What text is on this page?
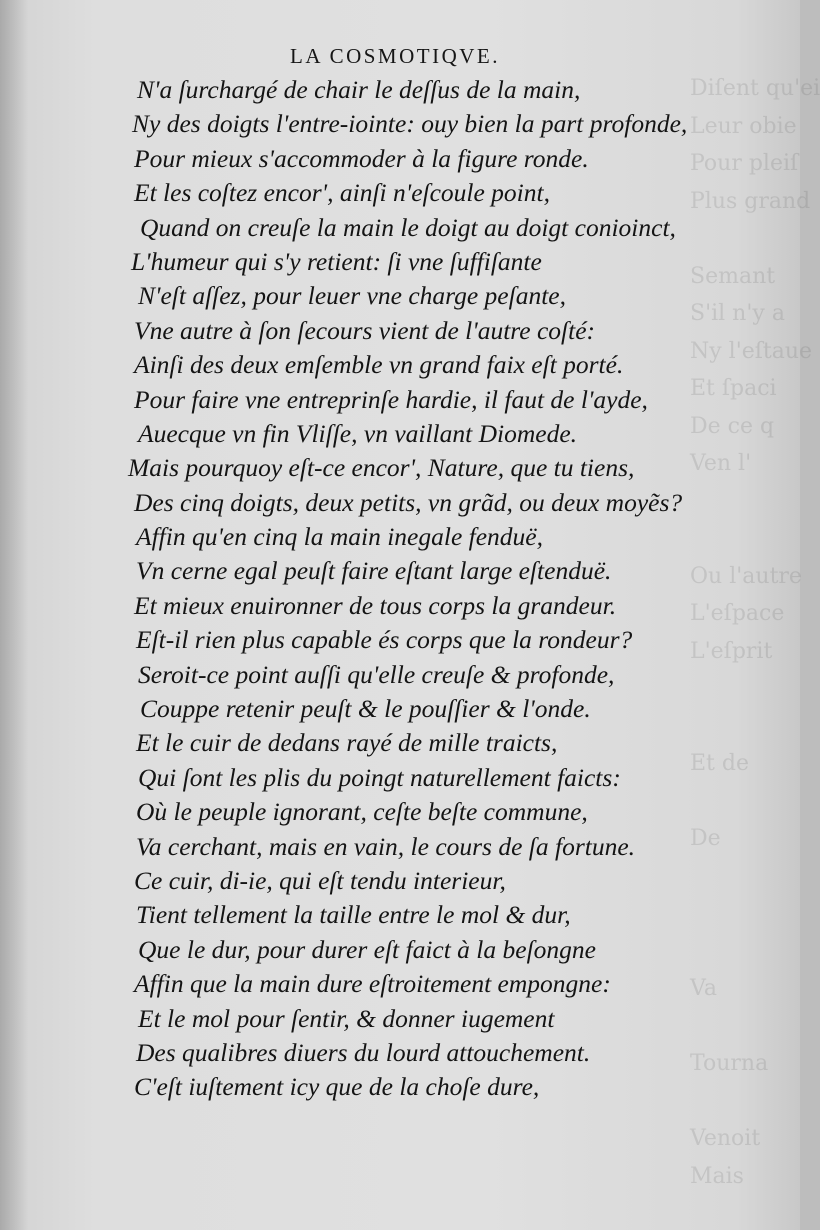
Diſent qu'ei
Leur obie
Pour pleiſ
Plus grand

Semant
S'il n'y a
Ny l'eſtaue
Et ſpaci
De ce q
Ven l'

Ou l'autre
L'eſpace
L'eſprit

Et de

De

Va

Tourna

Venoit
Mais
LA COSMOTIQVE.
N'a ſurchargé de chair le deſſus de la main,
Ny des doigts l'entre-iointe: ouy bien la part profonde,
Pour mieux s'accommoder à la figure ronde.
Et les coſtez encor', ainſi n'eſcoule point,
Quand on creuſe la main le doigt au doigt conioinct,
L'humeur qui s'y retient: ſi vne ſuffiſante
N'eſt aſſez, pour leuer vne charge peſante,
Vne autre à ſon ſecours vient de l'autre coſté:
Ainſi des deux emſemble vn grand faix eſt porté.
Pour faire vne entreprinſe hardie, il faut de l'ayde,
Auecque vn fin Vliſſe, vn vaillant Diomede.
Mais pourquoy eſt-ce encor', Nature, que tu tiens,
Des cinq doigts, deux petits, vn grãd, ou deux moyẽs?
Affin qu'en cinq la main inegale fenduë,
Vn cerne egal peuſt faire eſtant large eſtenduë.
Et mieux enuironner de tous corps la grandeur.
Eſt-il rien plus capable és corps que la rondeur?
Seroit-ce point auſſi qu'elle creuſe & profonde,
Couppe retenir peuſt & le pouſſier & l'onde.
Et le cuir de dedans rayé de mille traicts,
Qui ſont les plis du poingt naturellement faicts:
Où le peuple ignorant, ceſte beſte commune,
Va cerchant, mais en vain, le cours de ſa fortune.
Ce cuir, di-ie, qui eſt tendu interieur,
Tient tellement la taille entre le mol & dur,
Que le dur, pour durer eſt faict à la beſongne
Affin que la main dure eſtroitement empongne:
Et le mol pour ſentir, & donner iugement
Des qualibres diuers du lourd attouchement.
C'eſt iuſtement icy que de la choſe dure,
